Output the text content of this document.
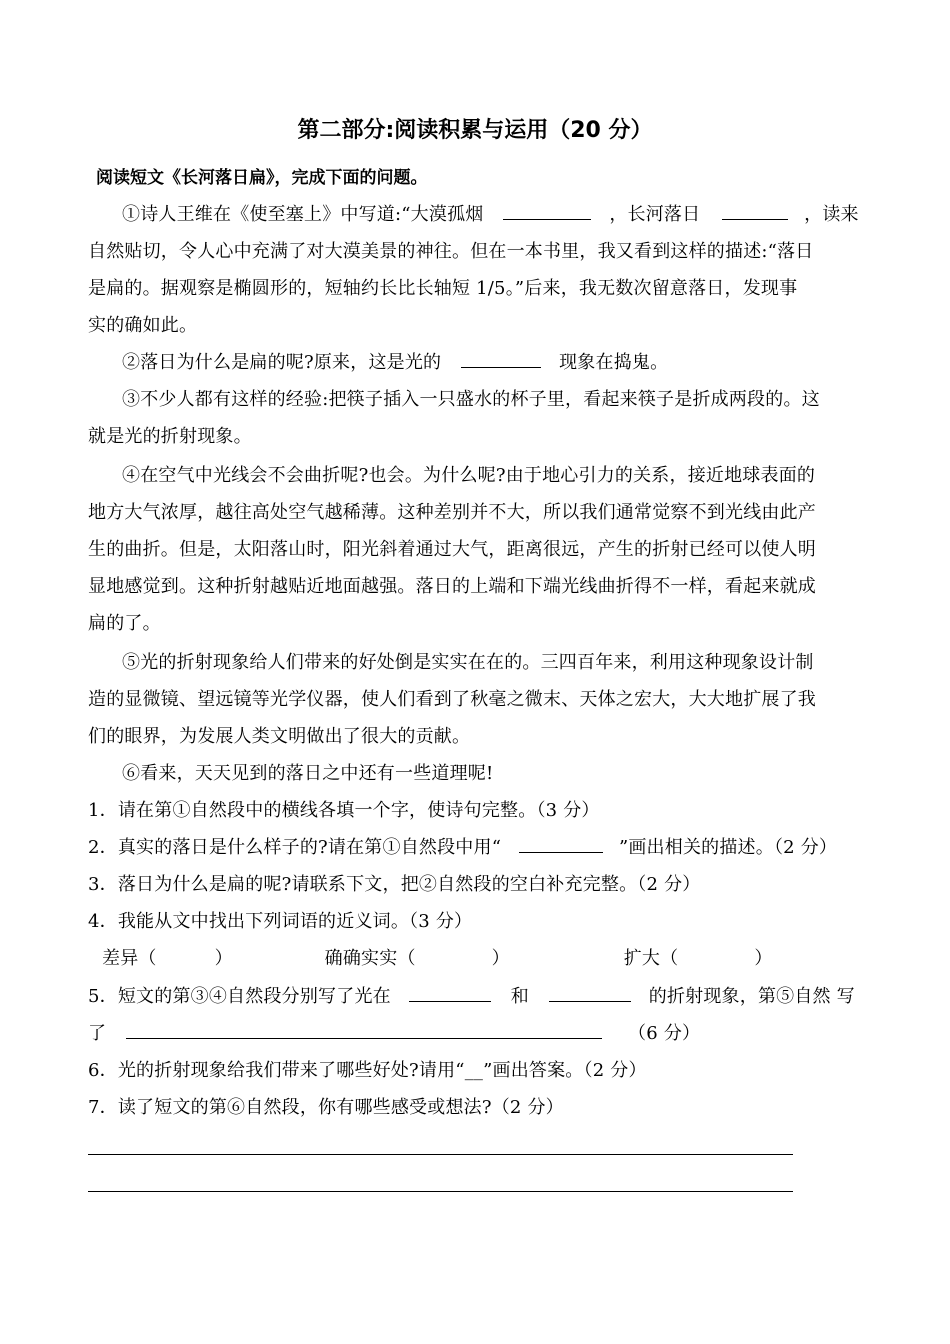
第二部分:阅读积累与运用（20 分）
阅读短文《长河落日扁》，完成下面的问题。
①诗人王维在《使至塞上》中写道:“大漠孤烟	，长河落日	，读来
自然贴切，令人心中充满了对大漠美景的神往。但在一本书里，我又看到这样的描述:“落日
是扁的。据观察是椭圆形的，短轴约长比长轴短 1/5。”后来，我无数次留意落日，发现事
实的确如此。
②落日为什么是扁的呢?原来，这是光的	现象在捣鬼。
③不少人都有这样的经验:把筷子插入一只盛水的杯子里，看起来筷子是折成两段的。这
就是光的折射现象。
④在空气中光线会不会曲折呢?也会。为什么呢?由于地心引力的关系，接近地球表面的
地方大气浓厚，越往高处空气越稀薄。这种差别并不大，所以我们通常觉察不到光线由此产
生的曲折。但是，太阳落山时，阳光斜着通过大气，距离很远，产生的折射已经可以使人明
显地感觉到。这种折射越贴近地面越强。落日的上端和下端光线曲折得不一样，看起来就成
扁的了。
⑤光的折射现象给人们带来的好处倒是实实在在的。三四百年来，利用这种现象设计制
造的显微镜、望远镜等光学仪器，使人们看到了秋毫之微末、天体之宏大，大大地扩展了我
们的眼界，为发展人类文明做出了很大的贡献。
⑥看来，天天见到的落日之中还有一些道理呢!
1．请在第①自然段中的横线各填一个字，使诗句完整。（3 分）
2．真实的落日是什么样子的?请在第①自然段中用“	”画出相关的描述。（2 分）
3．落日为什么是扁的呢?请联系下文，把②自然段的空白补充完整。（2 分）
4．我能从文中找出下列词语的近义词。（3 分）
差异（	）	确确实实（	）	扩大（	）
5．短文的第③④自然段分别写了光在	和	的折射现象，第⑤自然 写
了	（6 分）
6．光的折射现象给我们带来了哪些好处?请用“__”画出答案。（2 分）
7．读了短文的第⑥自然段，你有哪些感受或想法?（2 分）
